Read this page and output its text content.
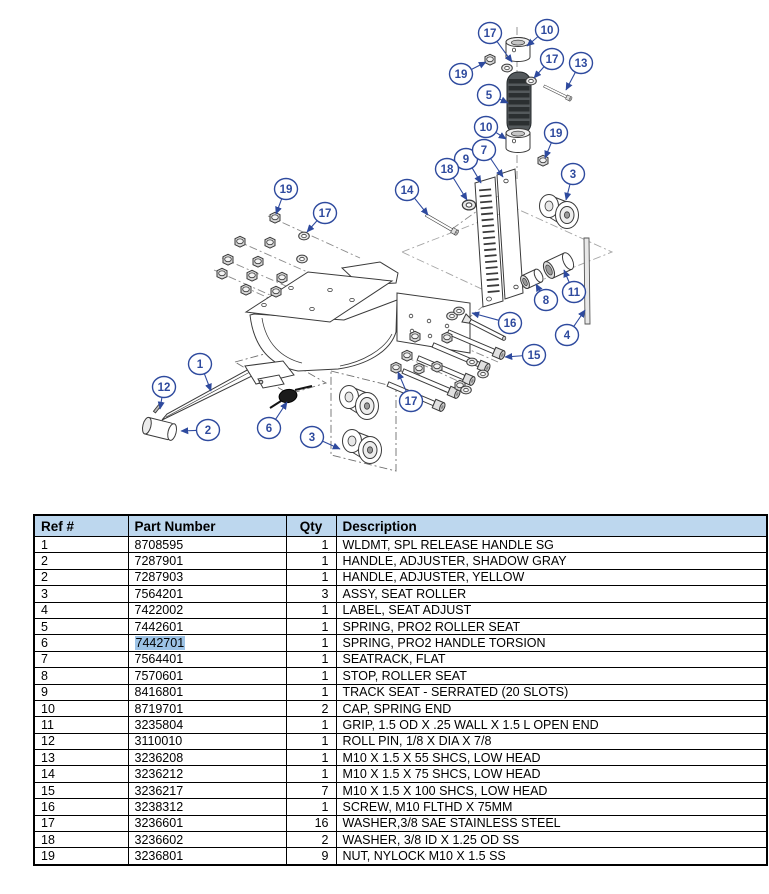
17	10
19
17 13
5
10	19
9
7
18
14
3
19
17
11
8
16
4
15
17
1
12
2	6
3
Ref #	Part Number	Qty	Description
1	8708595	1	WLDMT, SPL RELEASE HANDLE SG
2	7287901	1	HANDLE, ADJUSTER, SHADOW GRAY
2	7287903	1	HANDLE, ADJUSTER, YELLOW
3	7564201	3	ASSY, SEAT ROLLER
4	7422002	1	LABEL, SEAT ADJUST
5	7442601	1	SPRING, PRO2 ROLLER SEAT
6	7442701	1	SPRING, PRO2 HANDLE TORSION
7	7564401	1	SEATRACK, FLAT
8	7570601	1	STOP, ROLLER SEAT
9	8416801	1	TRACK SEAT - SERRATED (20 SLOTS)
10	8719701	2	CAP, SPRING END
11	3235804	1	GRIP, 1.5 OD X .25 WALL X 1.5 L OPEN END
12	3110010	1	ROLL PIN, 1/8 X DIA X 7/8
13	3236208	1	M10 X 1.5 X 55 SHCS, LOW HEAD
14	3236212	1	M10 X 1.5 X 75 SHCS, LOW HEAD
15	3236217	7	M10 X 1.5 X 100 SHCS, LOW HEAD
16	3238312	1	SCREW, M10 FLTHD X 75MM
17	3236601	16	WASHER,3/8 SAE STAINLESS STEEL
18	3236602	2	WASHER, 3/8 ID X 1.25 OD SS
19	3236801	9	NUT, NYLOCK M10 X 1.5 SS
